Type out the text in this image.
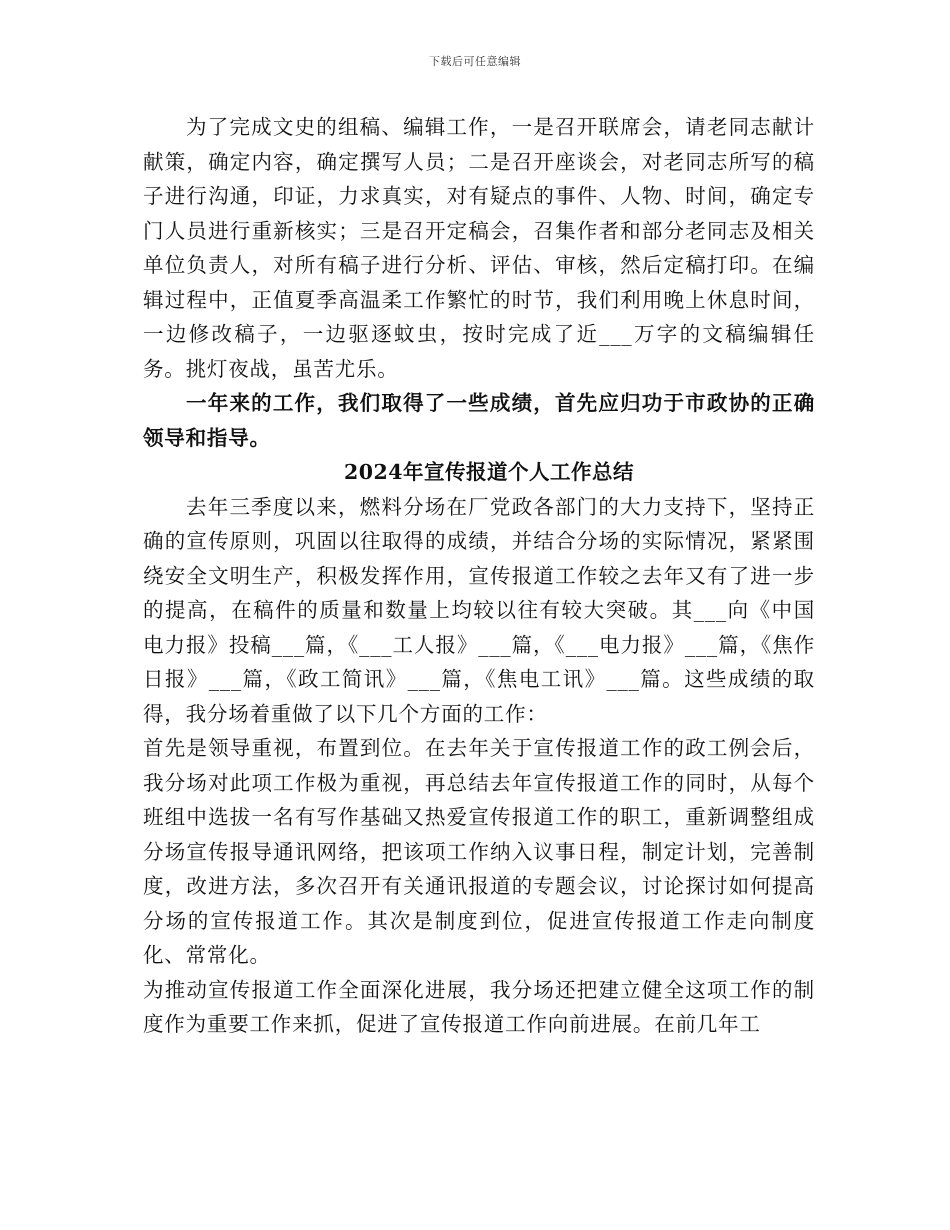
下载后可任意编辑

为了完成文史的组稿、编辑工作，一是召开联席会，请老同志献计献策，确定内容，确定撰写人员；二是召开座谈会，对老同志所写的稿子进行沟通，印证，力求真实，对有疑点的事件、人物、时间，确定专门人员进行重新核实；三是召开定稿会，召集作者和部分老同志及相关单位负责人，对所有稿子进行分析、评估、审核，然后定稿打印。在编辑过程中，正值夏季高温柔工作繁忙的时节，我们利用晚上休息时间，一边修改稿子，一边驱逐蚊虫，按时完成了近___万字的文稿编辑任务。挑灯夜战，虽苦尤乐。

一年来的工作，我们取得了一些成绩，首先应归功于市政协的正确领导和指导。

2024年宣传报道个人工作总结

去年三季度以来，燃料分场在厂党政各部门的大力支持下，坚持正确的宣传原则，巩固以往取得的成绩，并结合分场的实际情况，紧紧围绕安全文明生产，积极发挥作用，宣传报道工作较之去年又有了进一步的提高，在稿件的质量和数量上均较以往有较大突破。其___向《中国电力报》投稿___篇，《___工人报》___篇，《___电力报》___篇，《焦作日报》___篇，《政工简讯》___篇，《焦电工讯》___篇。这些成绩的取得，我分场着重做了以下几个方面的工作：

首先是领导重视，布置到位。在去年关于宣传报道工作的政工例会后，我分场对此项工作极为重视，再总结去年宣传报道工作的同时，从每个班组中选拔一名有写作基础又热爱宣传报道工作的职工，重新调整组成分场宣传报导通讯网络，把该项工作纳入议事日程，制定计划，完善制度，改进方法，多次召开有关通讯报道的专题会议，讨论探讨如何提高分场的宣传报道工作。其次是制度到位，促进宣传报道工作走向制度化、常常化。

为推动宣传报道工作全面深化进展，我分场还把建立健全这项工作的制度作为重要工作来抓，促进了宣传报道工作向前进展。在前几年工
